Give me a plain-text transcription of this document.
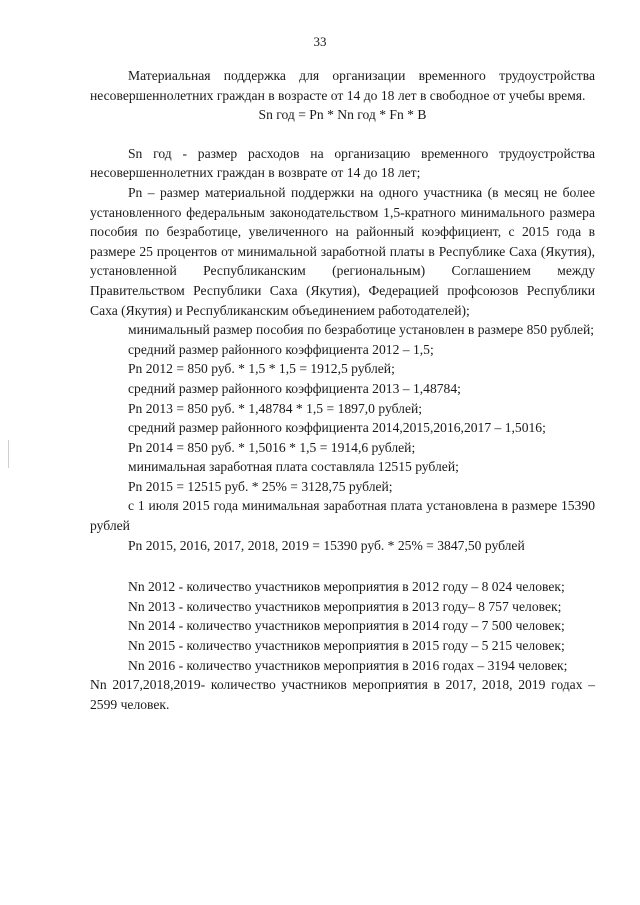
33

Материальная поддержка для организации временного трудоустройства несовершеннолетних граждан в возрасте от 14 до 18 лет в свободное от учебы время.

Sn год = Pn * Nn год * Fn * B

Sn год - размер расходов на организацию временного трудоустройства несовершеннолетних граждан в возврате от 14 до 18 лет;

Pn – размер материальной поддержки на одного участника (в месяц не более установленного федеральным законодательством 1,5-кратного минимального размера пособия по безработице, увеличенного на районный коэффициент, с 2015 года в размере 25 процентов от минимальной заработной платы в Республике Саха (Якутия), установленной Республиканским (региональным) Соглашением между Правительством Республики Саха (Якутия), Федерацией профсоюзов Республики Саха (Якутия) и Республиканским объединением работодателей);

минимальный размер пособия по безработице установлен в размере 850 рублей;

средний размер районного коэффициента 2012 – 1,5;

Pn 2012 = 850 руб. * 1,5 * 1,5 = 1912,5 рублей;

средний размер районного коэффициента 2013 – 1,48784;

Pn 2013 = 850 руб. * 1,48784 * 1,5 = 1897,0 рублей;

средний размер районного коэффициента 2014,2015,2016,2017 – 1,5016;

Pn 2014 = 850 руб. * 1,5016 * 1,5 = 1914,6 рублей;

минимальная заработная плата составляла 12515 рублей;

Pn 2015 = 12515 руб. * 25% = 3128,75 рублей;

с 1 июля 2015 года минимальная заработная плата установлена в размере 15390 рублей

Pn 2015, 2016, 2017, 2018, 2019 = 15390 руб. * 25% = 3847,50 рублей

Nn 2012 - количество участников мероприятия в 2012 году – 8 024 человек;

Nn 2013 - количество участников мероприятия в 2013 году– 8 757 человек;

Nn 2014 - количество участников мероприятия в 2014 году – 7 500 человек;

Nn 2015 - количество участников мероприятия в 2015 году – 5 215 человек;

Nn 2016 - количество участников мероприятия в 2016 годах – 3194 человек;

Nn 2017,2018,2019- количество участников мероприятия в 2017, 2018, 2019 годах – 2599 человек.
